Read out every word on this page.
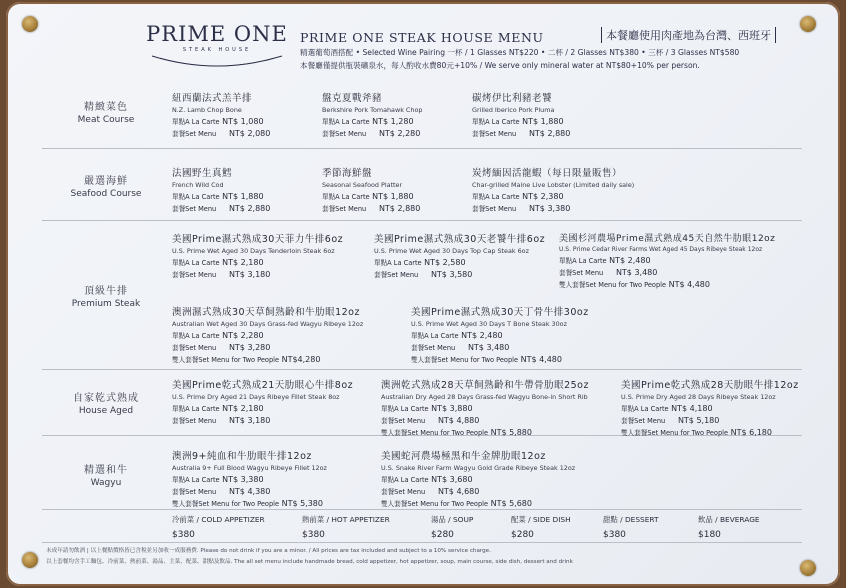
PRIME ONE
STEAK HOUSE
PRIME ONE STEAK HOUSE MENU	本餐廳使用肉產地為台灣、西班牙
精選葡萄酒搭配 • Selected Wine Pairing 一杯 / 1 Glasses NT$220 • 二杯 / 2 Glasses NT$380 • 三杯 / 3 Glasses NT$580
本餐廳僅提供瓶裝礦泉水，每人酌收水費80元+10% / We serve only mineral water at NT$80+10% per person.
精緻菜色
Meat Course
嚴選海鮮
Seafood Course
頂級牛排
Premium Steak
自家乾式熟成
House Aged
精選和牛
Wagyu
紐西蘭法式羔羊排
N.Z. Lamb Chop Bone
單點A La Carte NT$ 1,080
套餐Set Menu NT$ 2,080
盤克夏戰斧豬
Berkshire Pork Tomahawk Chop
單點A La Carte NT$ 1,280
套餐Set Menu NT$ 2,280
碳烤伊比利豬老饕
Grilled Iberico Pork Pluma
單點A La Carte NT$ 1,880
套餐Set Menu NT$ 2,880
法國野生真鱈
French Wild Cod
單點A La Carte NT$ 1,880
套餐Set Menu NT$ 2,880
季節海鮮盤
Seasonal Seafood Platter
單點A La Carte NT$ 1,880
套餐Set Menu NT$ 2,880
炭烤緬因活龍蝦（每日限量販售）
Char-grilled Maine Live Lobster (Limited daily sale)
單點A La Carte NT$ 2,380
套餐Set Menu NT$ 3,380
美國Prime濕式熟成30天菲力牛排6oz
U.S. Prime Wet Aged 30 Days Tenderloin Steak 6oz
單點A La Carte NT$ 2,180
套餐Set Menu NT$ 3,180
美國Prime濕式熟成30天老饕牛排6oz
U.S. Prime Wet Aged 30 Days Top Cap Steak 6oz
單點A La Carte NT$ 2,580
套餐Set Menu NT$ 3,580
美國杉河農場Prime濕式熟成45天自然牛肋眼12oz
U.S. Prime Cedar River Farms Wet Aged 45 Days Ribeye Steak 12oz
單點A La Carte NT$ 2,480
套餐Set Menu NT$ 3,480
雙人套餐Set Menu for Two People NT$ 4,480
澳洲濕式熟成30天草飼熟齡和牛肋眼12oz
Australian Wet Aged 30 Days Grass-fed Wagyu Ribeye 12oz
單點A La Carte NT$ 2,280
套餐Set Menu NT$ 3,280
雙人套餐Set Menu for Two People NT$4,280
美國Prime濕式熟成30天丁骨牛排30oz
U.S. Prime Wet Aged 30 Days T Bone Steak 30oz
單點A La Carte NT$ 2,480
套餐Set Menu NT$ 3,480
雙人套餐Set Menu for Two People NT$ 4,480
美國Prime乾式熟成21天肋眼心牛排8oz
U.S. Prime Dry Aged 21 Days Ribeye Fillet Steak 8oz
單點A La Carte NT$ 2,180
套餐Set Menu NT$ 3,180
澳洲乾式熟成28天草飼熟齡和牛帶骨肋眼25oz
Australian Dry Aged 28 Days Grass-fed Wagyu Bone-in Short Rib
單點A La Carte NT$ 3,880
套餐Set Menu NT$ 4,880
雙人套餐Set Menu for Two People NT$ 5,880
美國Prime乾式熟成28天肋眼牛排12oz
U.S. Prime Dry Aged 28 Days Ribeye Steak 12oz
單點A La Carte NT$ 4,180
套餐Set Menu NT$ 5,180
雙人套餐Set Menu for Two People NT$ 6,180
澳洲9+純血和牛肋眼牛排12oz
Australia 9+ Full Blood Wagyu Ribeye Fillet 12oz
單點A La Carte NT$ 3,380
套餐Set Menu NT$ 4,380
雙人套餐Set Menu for Two People NT$ 5,380
美國蛇河農場極黑和牛金牌肋眼12oz
U.S. Snake River Farm Wagyu Gold Grade Ribeye Steak 12oz
單點A La Carte NT$ 3,680
套餐Set Menu NT$ 4,680
雙人套餐Set Menu for Two People NT$ 5,680
冷前菜 / COLD APPETIZER
$380
熱前菜 / HOT APPETIZER
$380
湯品 / SOUP
$280
配菜 / SIDE DISH
$280
甜點 / DESSERT
$380
飲品 / BEVERAGE
$180
未成年請勿飲酒 | 以上餐點價格皆已含稅並另加收一成服務費. Please do not drink if you are a minor. / All prices are tax included and subject to a 10% service charge.
以上套餐均含手工麵包、冷前菜、熱前菜、湯品、主菜、配菜、甜點及飲品. The all set menu include handmade bread, cold appetizer, hot appetizer, soup, main course, side dish, dessert and drink
